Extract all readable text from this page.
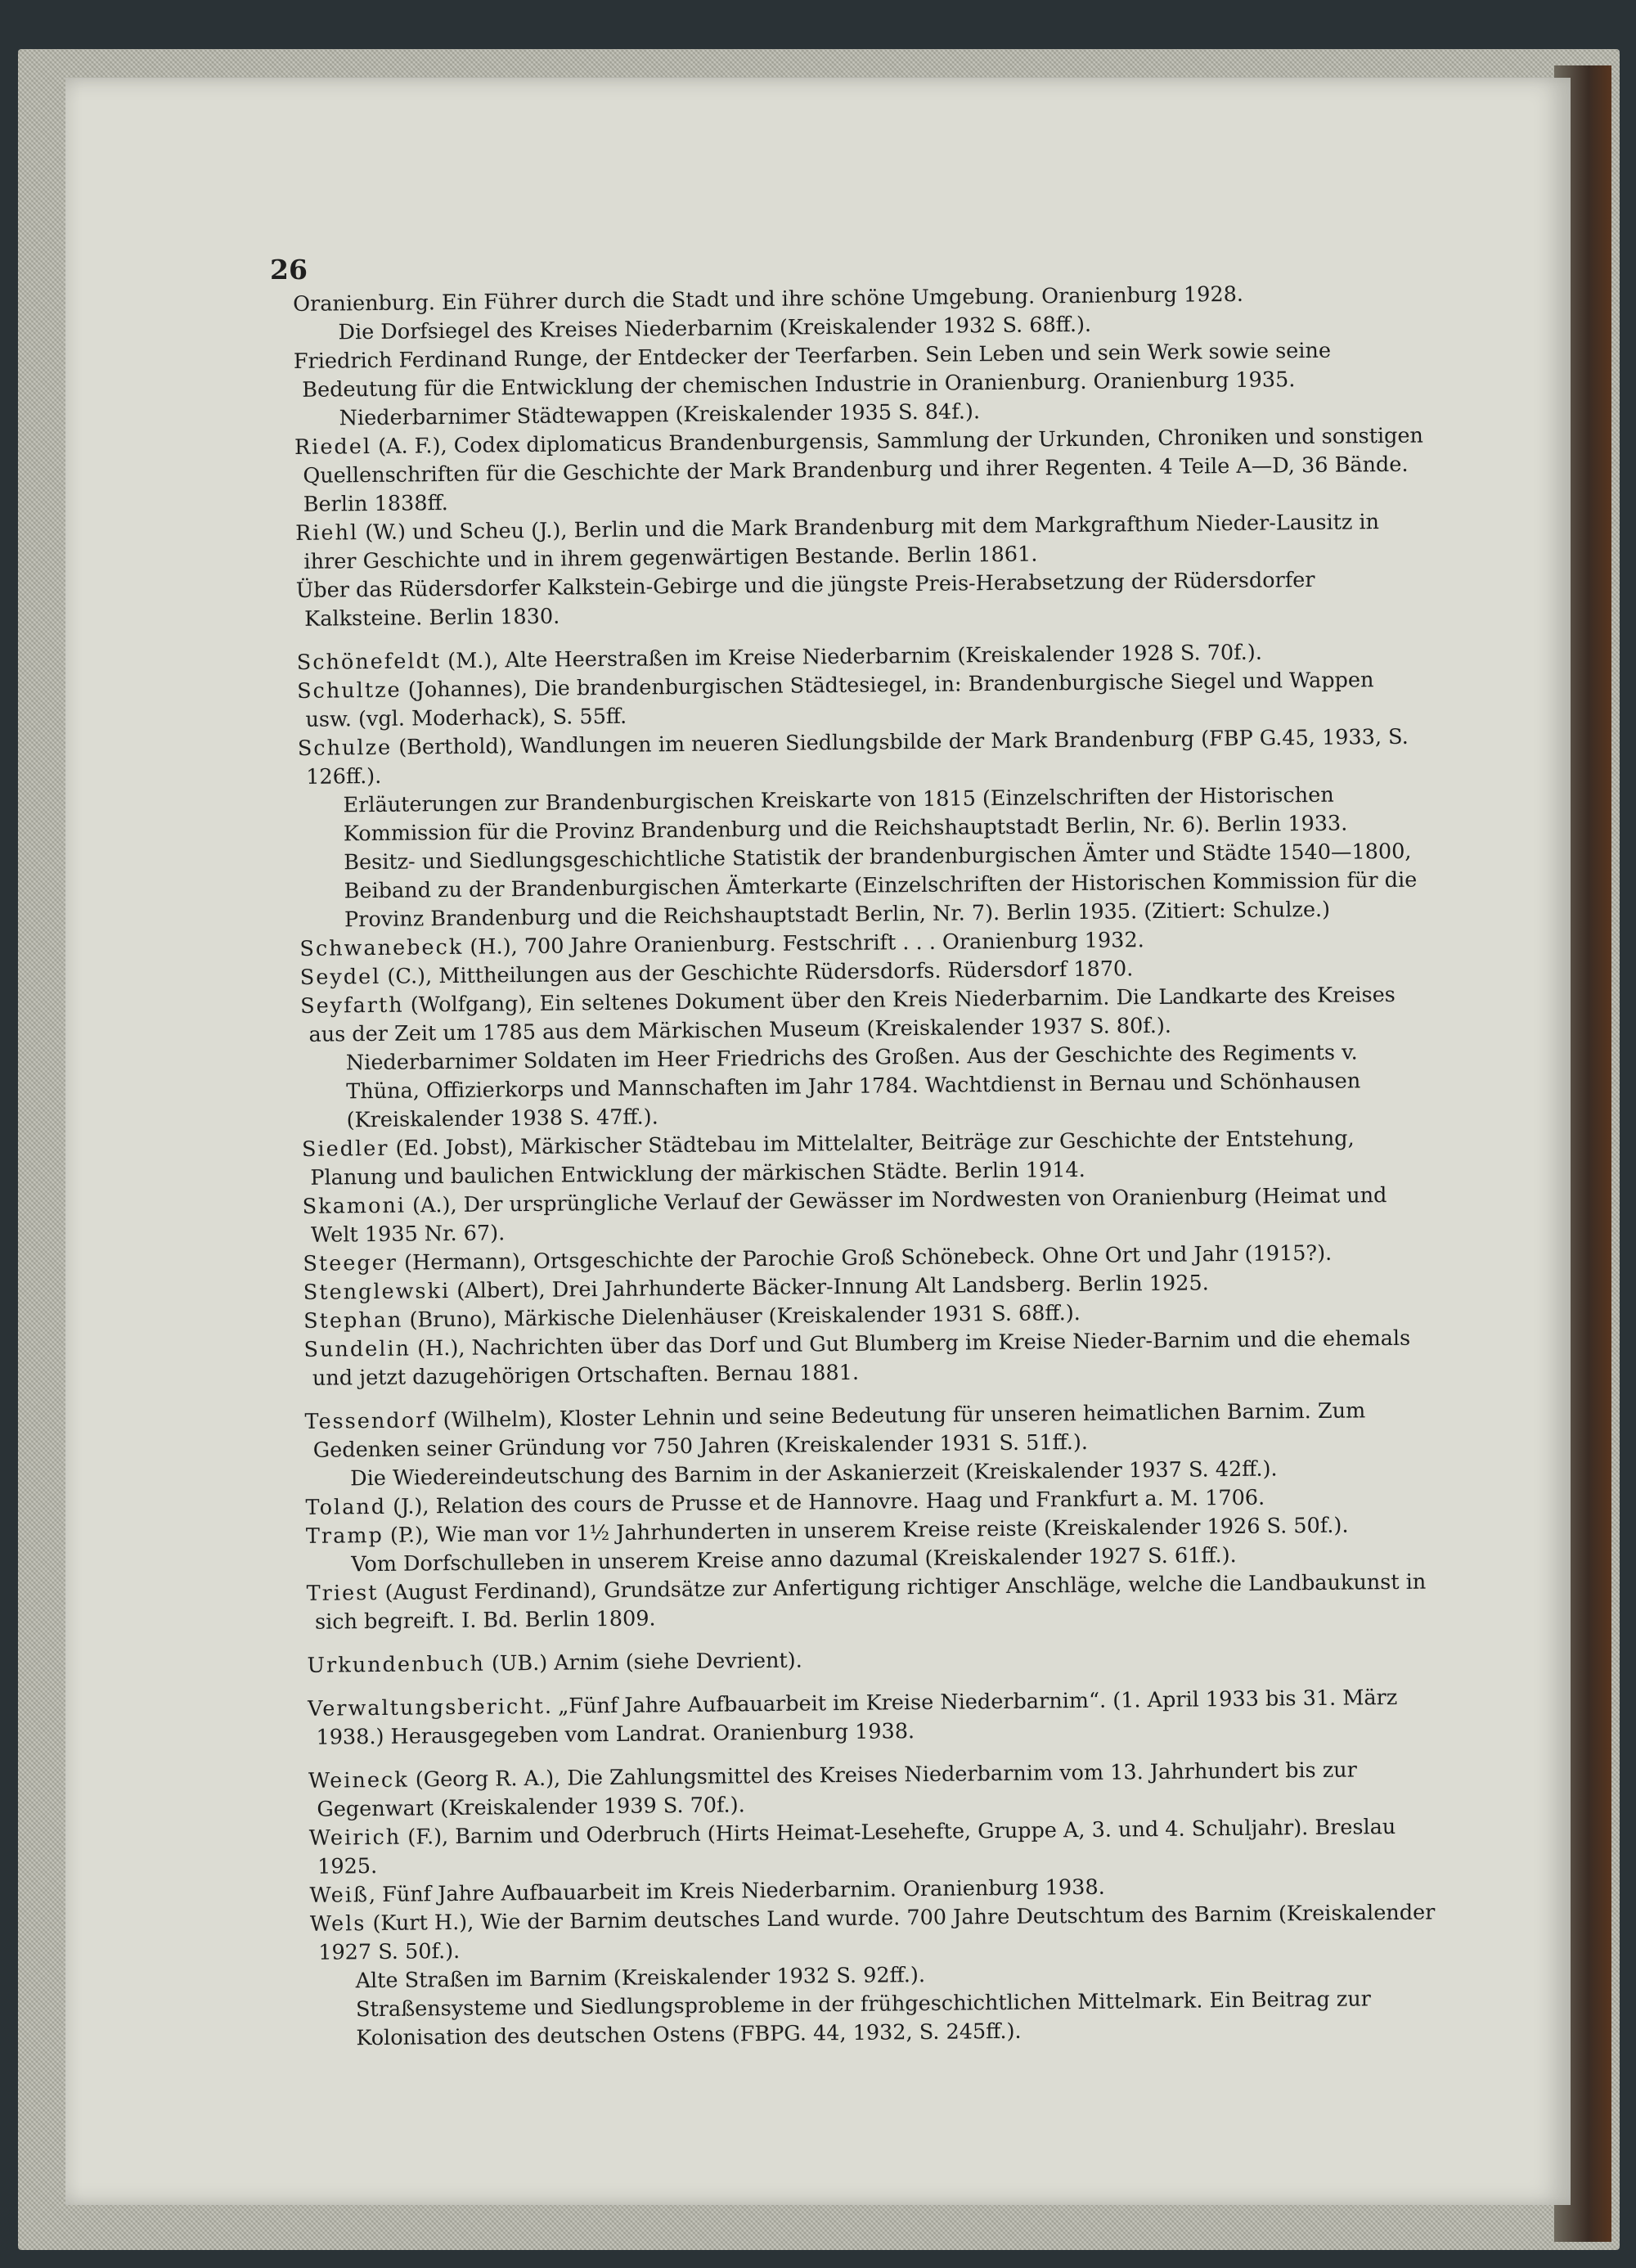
26

Oranienburg. Ein Führer durch die Stadt und ihre schöne Umgebung. Oranienburg 1928.

Die Dorfsiegel des Kreises Niederbarnim (Kreiskalender 1932 S. 68ff.).

Friedrich Ferdinand Runge, der Entdecker der Teerfarben. Sein Leben und sein Werk sowie seine Bedeutung für die Entwicklung der chemischen Industrie in Oranienburg. Oranienburg 1935.

Niederbarnimer Städtewappen (Kreiskalender 1935 S. 84f.).

Riedel (A. F.), Codex diplomaticus Brandenburgensis, Sammlung der Urkunden, Chroniken und sonstigen Quellenschriften für die Geschichte der Mark Brandenburg und ihrer Regenten. 4 Teile A—D, 36 Bände. Berlin 1838ff.

Riehl (W.) und Scheu (J.), Berlin und die Mark Brandenburg mit dem Markgrafthum Nieder-Lausitz in ihrer Geschichte und in ihrem gegenwärtigen Bestande. Berlin 1861.

Über das Rüdersdorfer Kalkstein-Gebirge und die jüngste Preis-Herabsetzung der Rüdersdorfer Kalksteine. Berlin 1830.

Schönefeldt (M.), Alte Heerstraßen im Kreise Niederbarnim (Kreiskalender 1928 S. 70f.).

Schultze (Johannes), Die brandenburgischen Städtesiegel, in: Brandenburgische Siegel und Wappen usw. (vgl. Moderhack), S. 55ff.

Schulze (Berthold), Wandlungen im neueren Siedlungsbilde der Mark Brandenburg (FBP G.45, 1933, S. 126ff.).

Erläuterungen zur Brandenburgischen Kreiskarte von 1815 (Einzelschriften der Historischen Kommission für die Provinz Brandenburg und die Reichshauptstadt Berlin, Nr. 6). Berlin 1933.

Besitz- und Siedlungsgeschichtliche Statistik der brandenburgischen Ämter und Städte 1540—1800, Beiband zu der Brandenburgischen Ämterkarte (Einzelschriften der Historischen Kommission für die Provinz Brandenburg und die Reichshauptstadt Berlin, Nr. 7). Berlin 1935. (Zitiert: Schulze.)

Schwanebeck (H.), 700 Jahre Oranienburg. Festschrift . . . Oranienburg 1932.

Seydel (C.), Mittheilungen aus der Geschichte Rüdersdorfs. Rüdersdorf 1870.

Seyfarth (Wolfgang), Ein seltenes Dokument über den Kreis Niederbarnim. Die Landkarte des Kreises aus der Zeit um 1785 aus dem Märkischen Museum (Kreiskalender 1937 S. 80f.).

Niederbarnimer Soldaten im Heer Friedrichs des Großen. Aus der Geschichte des Regiments v. Thüna, Offizierkorps und Mannschaften im Jahr 1784. Wachtdienst in Bernau und Schönhausen (Kreiskalender 1938 S. 47ff.).

Siedler (Ed. Jobst), Märkischer Städtebau im Mittelalter, Beiträge zur Geschichte der Entstehung, Planung und baulichen Entwicklung der märkischen Städte. Berlin 1914.

Skamoni (A.), Der ursprüngliche Verlauf der Gewässer im Nordwesten von Oranienburg (Heimat und Welt 1935 Nr. 67).

Steeger (Hermann), Ortsgeschichte der Parochie Groß Schönebeck. Ohne Ort und Jahr (1915?).

Stenglewski (Albert), Drei Jahrhunderte Bäcker-Innung Alt Landsberg. Berlin 1925.

Stephan (Bruno), Märkische Dielenhäuser (Kreiskalender 1931 S. 68ff.).

Sundelin (H.), Nachrichten über das Dorf und Gut Blumberg im Kreise Nieder-Barnim und die ehemals und jetzt dazugehörigen Ortschaften. Bernau 1881.

Tessendorf (Wilhelm), Kloster Lehnin und seine Bedeutung für unseren heimatlichen Barnim. Zum Gedenken seiner Gründung vor 750 Jahren (Kreiskalender 1931 S. 51ff.).

Die Wiedereindeutschung des Barnim in der Askanierzeit (Kreiskalender 1937 S. 42ff.).

Toland (J.), Relation des cours de Prusse et de Hannovre. Haag und Frankfurt a. M. 1706.

Tramp (P.), Wie man vor 1½ Jahrhunderten in unserem Kreise reiste (Kreiskalender 1926 S. 50f.).

Vom Dorfschulleben in unserem Kreise anno dazumal (Kreiskalender 1927 S. 61ff.).

Triest (August Ferdinand), Grundsätze zur Anfertigung richtiger Anschläge, welche die Landbaukunst in sich begreift. I. Bd. Berlin 1809.

Urkundenbuch (UB.) Arnim (siehe Devrient).

Verwaltungsbericht. „Fünf Jahre Aufbauarbeit im Kreise Niederbarnim“. (1. April 1933 bis 31. März 1938.) Herausgegeben vom Landrat. Oranienburg 1938.

Weineck (Georg R. A.), Die Zahlungsmittel des Kreises Niederbarnim vom 13. Jahrhundert bis zur Gegenwart (Kreiskalender 1939 S. 70f.).

Weirich (F.), Barnim und Oderbruch (Hirts Heimat-Lesehefte, Gruppe A, 3. und 4. Schuljahr). Breslau 1925.

Weiß, Fünf Jahre Aufbauarbeit im Kreis Niederbarnim. Oranienburg 1938.

Wels (Kurt H.), Wie der Barnim deutsches Land wurde. 700 Jahre Deutschtum des Barnim (Kreiskalender 1927 S. 50f.).

Alte Straßen im Barnim (Kreiskalender 1932 S. 92ff.).

Straßensysteme und Siedlungsprobleme in der frühgeschichtlichen Mittelmark. Ein Beitrag zur Kolonisation des deutschen Ostens (FBPG. 44, 1932, S. 245ff.).
